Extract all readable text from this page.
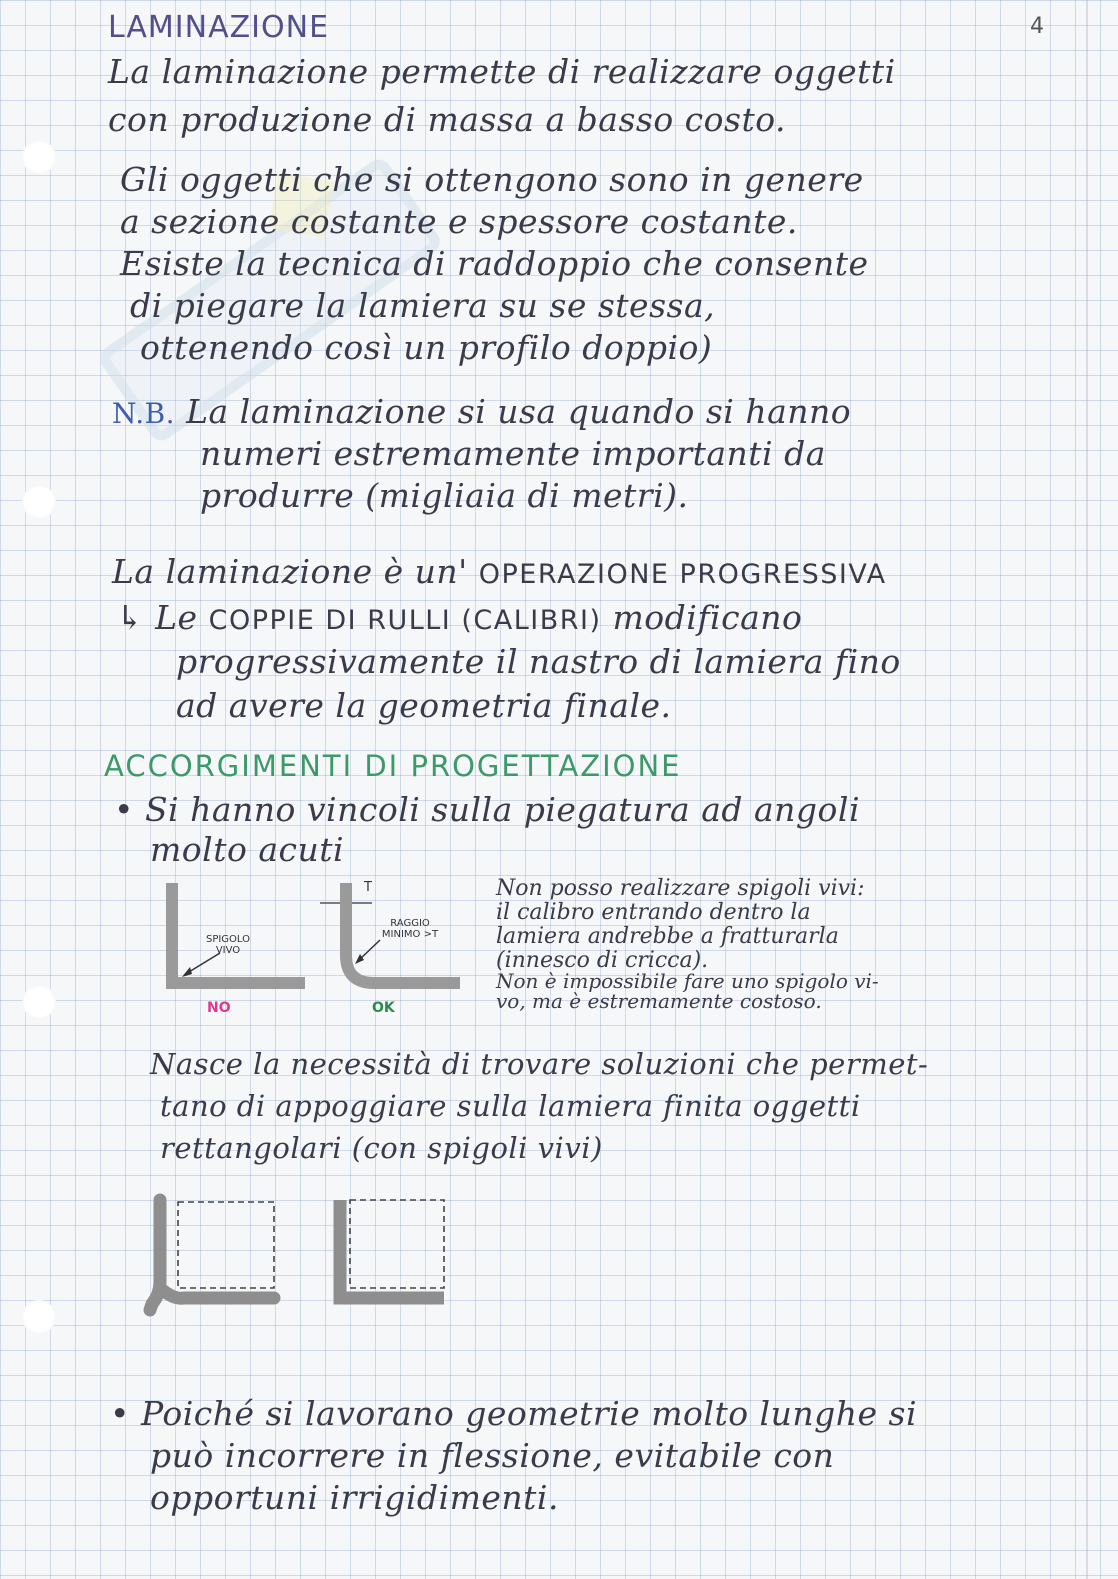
4
LAMINAZIONE
La laminazione permette di realizzare oggetti
con produzione di massa a basso costo.
Gli oggetti che si ottengono sono in genere
a sezione costante e spessore costante.
Esiste la tecnica di raddoppio che consente
di piegare la lamiera su se stessa,
ottenendo così un profilo doppio)
N.B. La laminazione si usa quando si hanno
numeri estremamente importanti da
produrre (migliaia di metri).
La laminazione è un' OPERAZIONE PROGRESSIVA
↳ Le COPPIE DI RULLI (CALIBRI) modificano
progressivamente il nastro di lamiera fino
ad avere la geometria finale.
ACCORGIMENTI DI PROGETTAZIONE
• Si hanno vincoli sulla piegatura ad angoli
molto acuti
SPIGOLO VIVO
NO
T
RAGGIO MINIMO >T
OK
Non posso realizzare spigoli vivi:
il calibro entrando dentro la
lamiera andrebbe a fratturarla
(innesco di cricca).
Non è impossibile fare uno spigolo vi-
vo, ma è estremamente costoso.
Nasce la necessità di trovare soluzioni che permet-
tano di appoggiare sulla lamiera finita oggetti
rettangolari (con spigoli vivi)
• Poiché si lavorano geometrie molto lunghe si
può incorrere in flessione, evitabile con
opportuni irrigidimenti.
